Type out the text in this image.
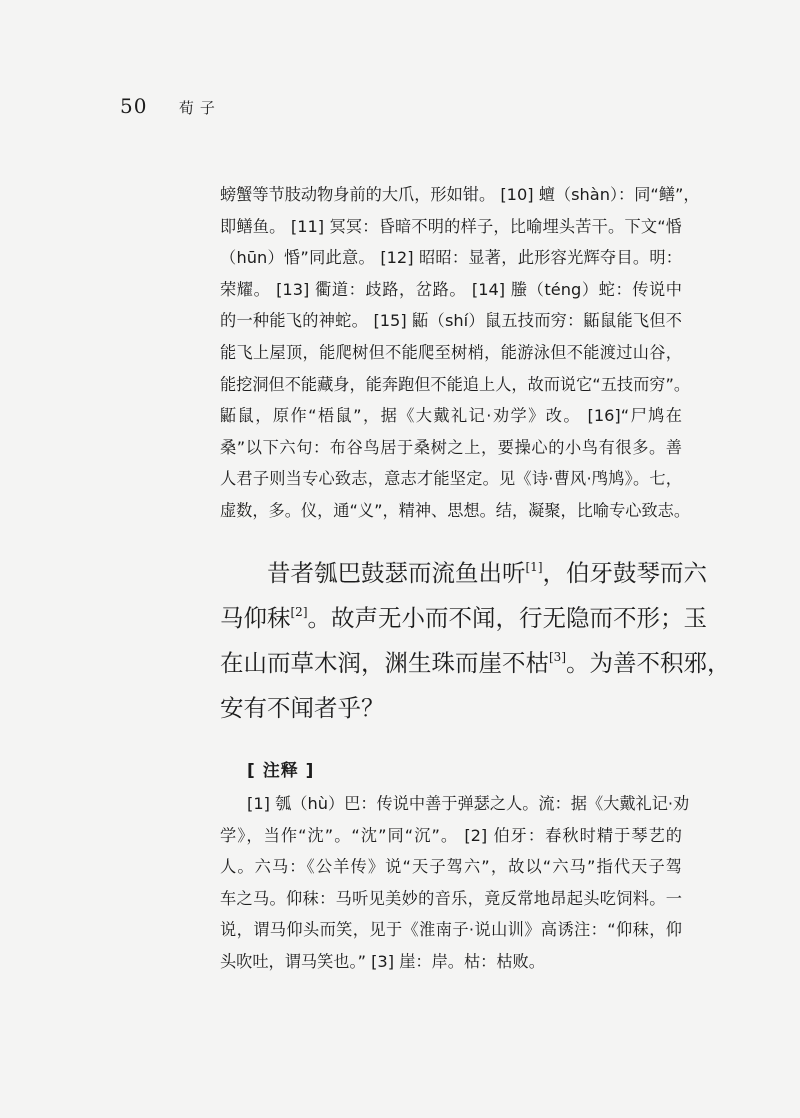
50 荀子

螃蟹等节肢动物身前的大爪，形如钳。 [10] 蟺（shàn）：同“鳝”，

即鳝鱼。 [11] 冥冥：昏暗不明的样子，比喻埋头苦干。下文“惛

（hūn）惛”同此意。 [12] 昭昭：显著，此形容光辉夺目。明：

荣耀。 [13] 衢道：歧路，岔路。 [14] 螣（téng）蛇：传说中

的一种能飞的神蛇。 [15] 鼫（shí）鼠五技而穷：鼫鼠能飞但不

能飞上屋顶，能爬树但不能爬至树梢，能游泳但不能渡过山谷，

能挖洞但不能藏身，能奔跑但不能追上人，故而说它“五技而穷”。

鼫鼠，原作“梧鼠”，据《大戴礼记·劝学》改。 [16]“尸鸠在

桑”以下六句：布谷鸟居于桑树之上，要操心的小鸟有很多。善

人君子则当专心致志，意志才能坚定。见《诗·曹风·鸤鸠》。七，

虚数，多。仪，通“义”，精神、思想。结，凝聚，比喻专心致志。

　　昔者瓠巴鼓瑟而流鱼出听[1]，伯牙鼓琴而六

马仰秣[2]。故声无小而不闻，行无隐而不形；玉

在山而草木润，渊生珠而崖不枯[3]。为善不积邪，

安有不闻者乎？

[ 注释 ]

[1] 瓠（hù）巴：传说中善于弹瑟之人。流：据《大戴礼记·劝

学》，当作“沈”。“沈”同“沉”。 [2] 伯牙：春秋时精于琴艺的

人。六马：《公羊传》说“天子驾六”，故以“六马”指代天子驾

车之马。仰秣：马听见美妙的音乐，竟反常地昂起头吃饲料。一

说，谓马仰头而笑，见于《淮南子·说山训》高诱注：“仰秣，仰

头吹吐，谓马笑也。” [3] 崖：岸。枯：枯败。
